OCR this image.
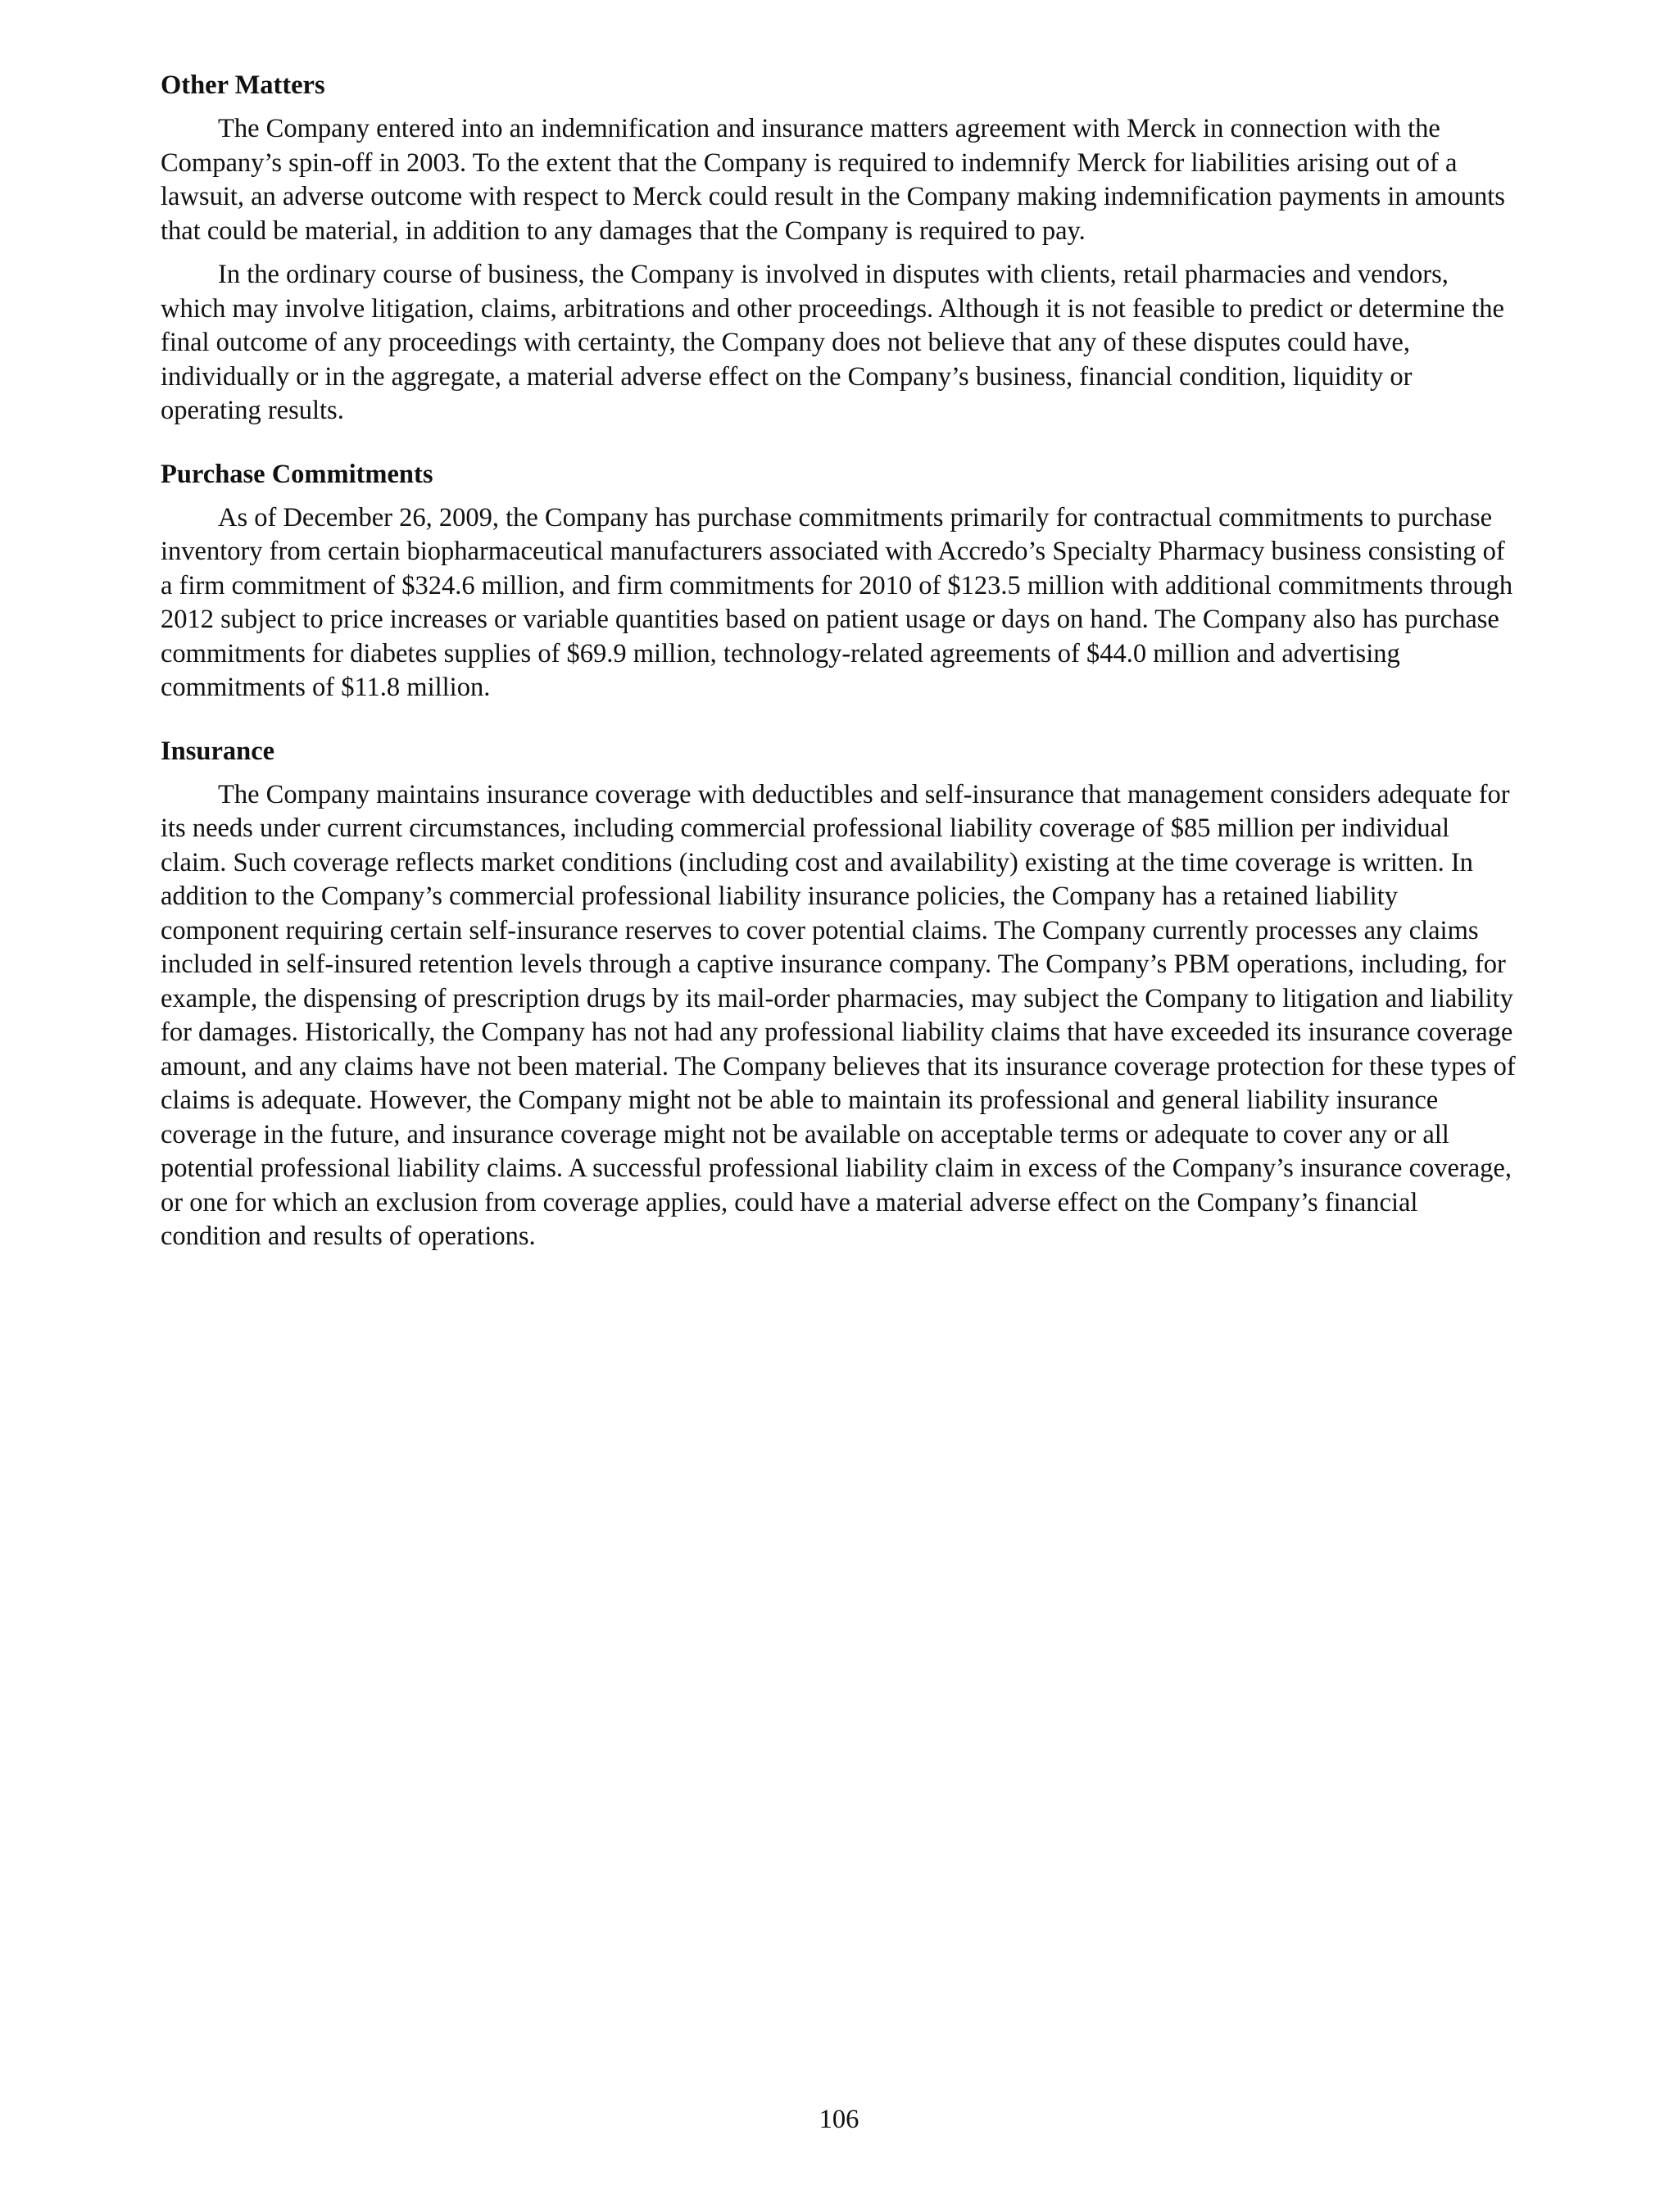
Other Matters

The Company entered into an indemnification and insurance matters agreement with Merck in connection with the Company’s spin-off in 2003. To the extent that the Company is required to indemnify Merck for liabilities arising out of a lawsuit, an adverse outcome with respect to Merck could result in the Company making indemnification payments in amounts that could be material, in addition to any damages that the Company is required to pay.

In the ordinary course of business, the Company is involved in disputes with clients, retail pharmacies and vendors, which may involve litigation, claims, arbitrations and other proceedings. Although it is not feasible to predict or determine the final outcome of any proceedings with certainty, the Company does not believe that any of these disputes could have, individually or in the aggregate, a material adverse effect on the Company’s business, financial condition, liquidity or operating results.

Purchase Commitments

As of December 26, 2009, the Company has purchase commitments primarily for contractual commitments to purchase inventory from certain biopharmaceutical manufacturers associated with Accredo’s Specialty Pharmacy business consisting of a firm commitment of $324.6 million, and firm commitments for 2010 of $123.5 million with additional commitments through 2012 subject to price increases or variable quantities based on patient usage or days on hand. The Company also has purchase commitments for diabetes supplies of $69.9 million, technology-related agreements of $44.0 million and advertising commitments of $11.8 million.

Insurance

The Company maintains insurance coverage with deductibles and self-insurance that management considers adequate for its needs under current circumstances, including commercial professional liability coverage of $85 million per individual claim. Such coverage reflects market conditions (including cost and availability) existing at the time coverage is written. In addition to the Company’s commercial professional liability insurance policies, the Company has a retained liability component requiring certain self-insurance reserves to cover potential claims. The Company currently processes any claims included in self-insured retention levels through a captive insurance company. The Company’s PBM operations, including, for example, the dispensing of prescription drugs by its mail-order pharmacies, may subject the Company to litigation and liability for damages. Historically, the Company has not had any professional liability claims that have exceeded its insurance coverage amount, and any claims have not been material. The Company believes that its insurance coverage protection for these types of claims is adequate. However, the Company might not be able to maintain its professional and general liability insurance coverage in the future, and insurance coverage might not be available on acceptable terms or adequate to cover any or all potential professional liability claims. A successful professional liability claim in excess of the Company’s insurance coverage, or one for which an exclusion from coverage applies, could have a material adverse effect on the Company’s financial condition and results of operations.

106
